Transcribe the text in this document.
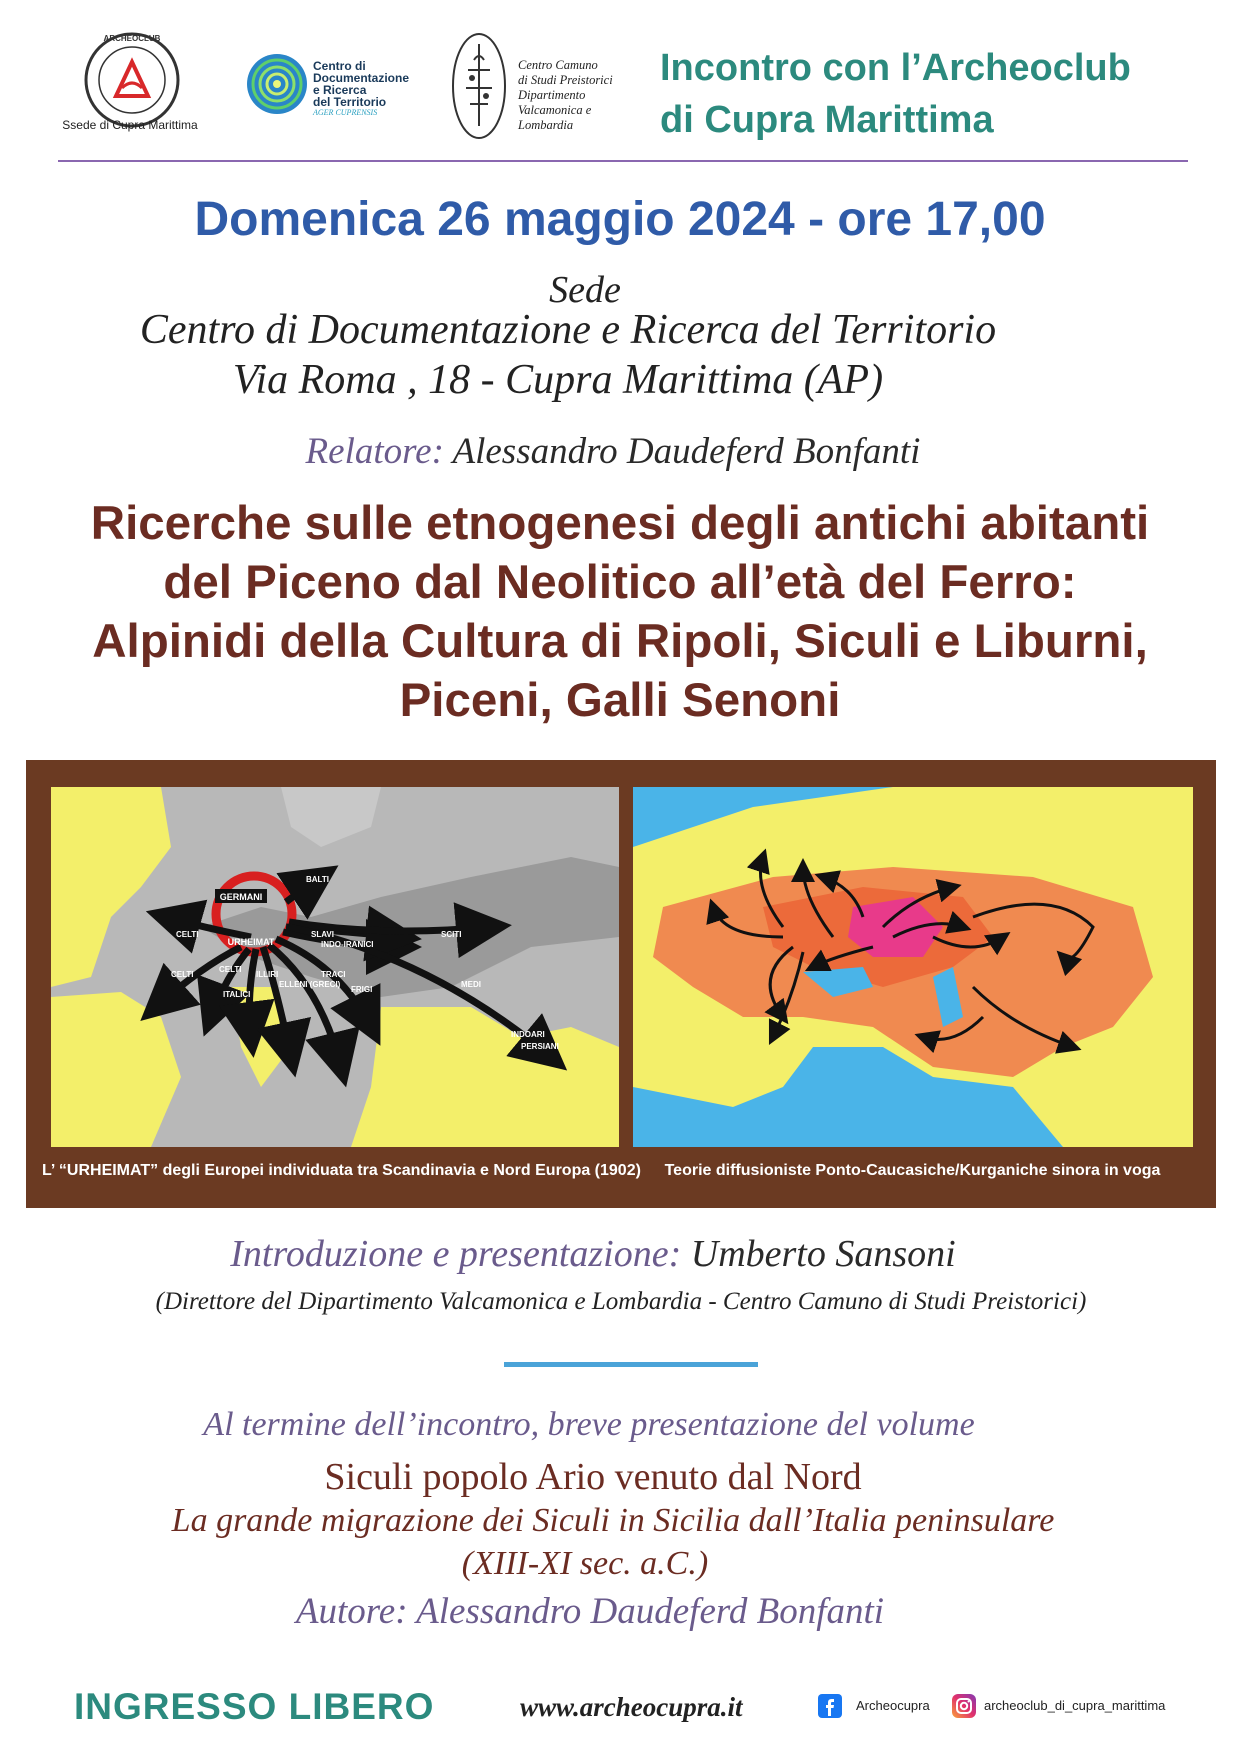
ARCHEOCLUB
Ssede di Cupra Marittima
Centro di
Documentazione
e Ricerca
del Territorio
AGER CUPRENSIS
Centro Camuno
di Studi Preistorici
Dipartimento
Valcamonica e
Lombardia
Incontro con l’Archeoclub
di Cupra Marittima
Domenica 26 maggio 2024 - ore 17,00
Sede
Centro di Documentazione e Ricerca del Territorio
Via Roma , 18 - Cupra Marittima (AP)
Relatore: Alessandro Daudeferd Bonfanti
Ricerche sulle etnogenesi degli antichi abitanti
del Piceno dal Neolitico all’età del Ferro:
Alpinidi della Cultura di Ripoli, Siculi e Liburni,
Piceni, Galli Senoni
GERMANI
URHEIMAT
BALTI
SLAVI
INDO-IRANICI
SCITI
MEDI
INDOARI
PERSIANI
CELTI
CELTI
CELTI
ITALICI
ILLIRI
ELLENI (GRECI)
TRACI
FRIGI
L’ “URHEIMAT” degli Europei individuata tra Scandinavia e Nord Europa (1902)	Teorie diffusioniste Ponto-Caucasiche/Kurganiche sinora in voga
Introduzione e presentazione: Umberto Sansoni
(Direttore del Dipartimento Valcamonica e Lombardia - Centro Camuno di Studi Preistorici)
Al termine dell’incontro, breve presentazione del volume
Siculi popolo Ario venuto dal Nord
La grande migrazione dei Siculi in Sicilia dall’Italia peninsulare
(XIII-XI sec. a.C.)
Autore: Alessandro Daudeferd Bonfanti
INGRESSO LIBERO	www.archeocupra.it	Archeocupra	archeoclub_di_cupra_marittima
